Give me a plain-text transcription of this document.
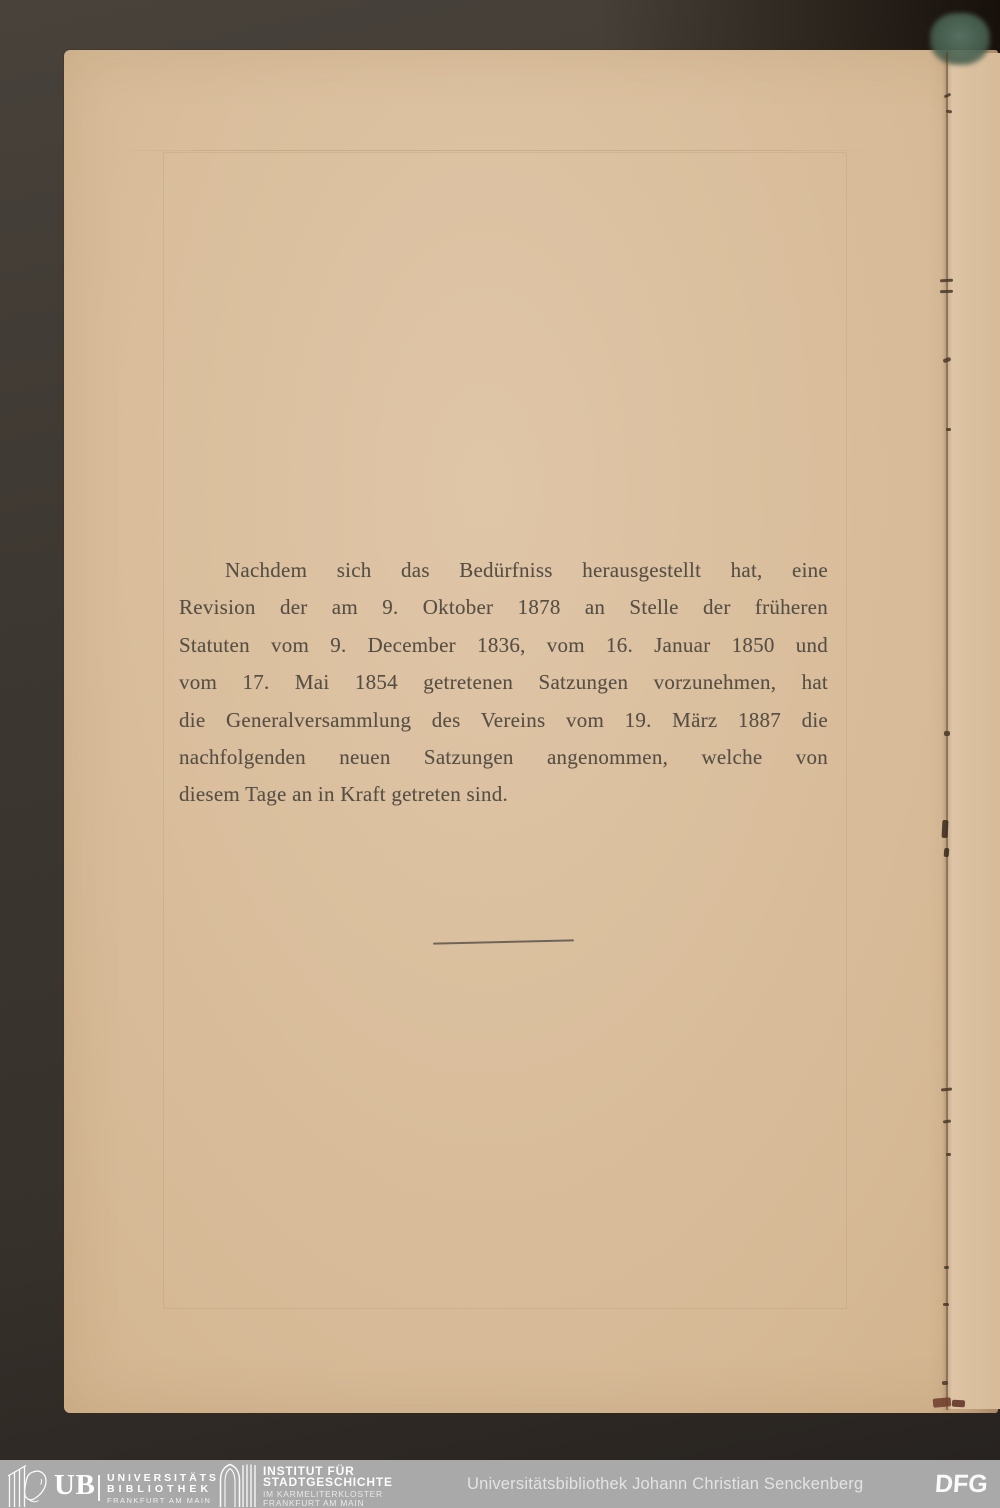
Nachdem sich das Bedürfniss herausgestellt hat, eine
Revision der am 9. Oktober 1878 an Stelle der früheren
Statuten vom 9. December 1836, vom 16. Januar 1850 und
vom 17. Mai 1854 getretenen Satzungen vorzunehmen, hat
die Generalversammlung des Vereins vom 19. März 1887 die
nachfolgenden neuen Satzungen angenommen, welche von
diesem Tage an in Kraft getreten sind.
UB UNIVERSITÄTS
BIBLIOTHEK
FRANKFURT AM MAIN
INSTITUT FÜR
STADTGESCHICHTE
IM KARMELITERKLOSTER
FRANKFURT AM MAIN
Universitätsbibliothek Johann Christian Senckenberg	DFG
